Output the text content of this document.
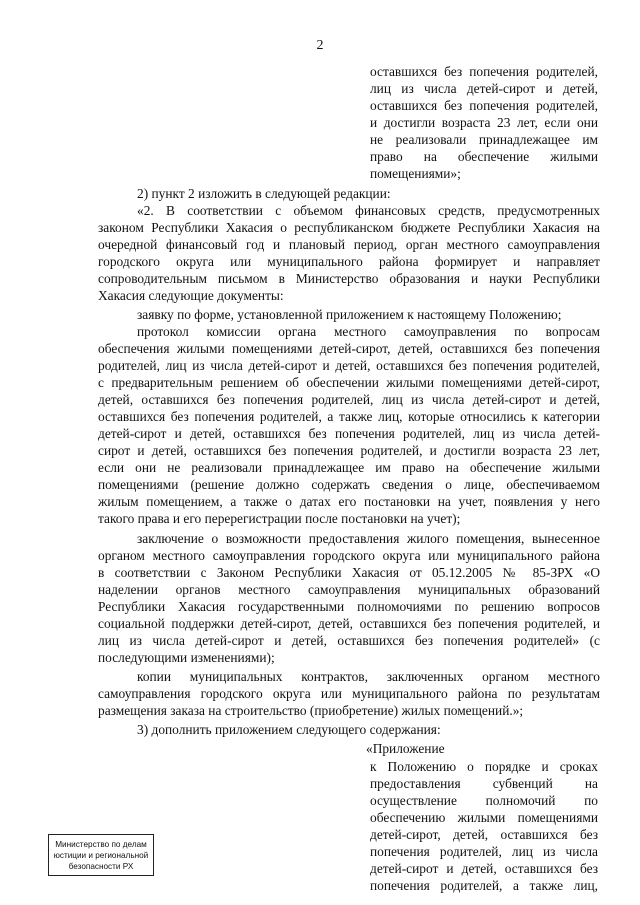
2

оставшихся без попечения родителей,

лиц из числа детей-сирот и детей,

оставшихся без попечения родителей,

и достигли возраста 23 лет, если они

не реализовали принадлежащее им

право на обеспечение жилыми

помещениями»;

2) пункт 2 изложить в следующей редакции:

«2. В соответствии с объемом финансовых средств, предусмотренных

законом Республики Хакасия о республиканском бюджете Республики Хакасия на

очередной финансовый год и плановый период, орган местного самоуправления

городского округа или муниципального района формирует и направляет

сопроводительным письмом в Министерство образования и науки Республики

Хакасия следующие документы:

заявку по форме, установленной приложением к настоящему Положению;

протокол комиссии органа местного самоуправления по вопросам

обеспечения жилыми помещениями детей-сирот, детей, оставшихся без попечения

родителей, лиц из числа детей-сирот и детей, оставшихся без попечения родителей,

с предварительным решением об обеспечении жилыми помещениями детей-сирот,

детей, оставшихся без попечения родителей, лиц из числа детей-сирот и детей,

оставшихся без попечения родителей, а также лиц, которые относились к категории

детей-сирот и детей, оставшихся без попечения родителей, лиц из числа детей-

сирот и детей, оставшихся без попечения родителей, и достигли возраста 23 лет,

если они не реализовали принадлежащее им право на обеспечение жилыми

помещениями (решение должно содержать сведения о лице, обеспечиваемом

жилым помещением, а также о датах его постановки на учет, появления у него

такого права и его перерегистрации после постановки на учет);

заключение о возможности предоставления жилого помещения, вынесенное

органом местного самоуправления городского округа или муниципального района

в соответствии с Законом Республики Хакасия от 05.12.2005 № 85-ЗРХ «О

наделении органов местного самоуправления муниципальных образований

Республики Хакасия государственными полномочиями по решению вопросов

социальной поддержки детей-сирот, детей, оставшихся без попечения родителей, и

лиц из числа детей-сирот и детей, оставшихся без попечения родителей» (с

последующими изменениями);

копии муниципальных контрактов, заключенных органом местного

самоуправления городского округа или муниципального района по результатам

размещения заказа на строительство (приобретение) жилых помещений.»;

3) дополнить приложением следующего содержания:

«Приложение

к Положению о порядке и сроках

предоставления субвенций на

осуществление полномочий по

обеспечению жилыми помещениями

детей-сирот, детей, оставшихся без

попечения родителей, лиц из числа

детей-сирот и детей, оставшихся без

попечения родителей, а также лиц,

Министерство по делам
юстиции и региональной
безопасности РХ
